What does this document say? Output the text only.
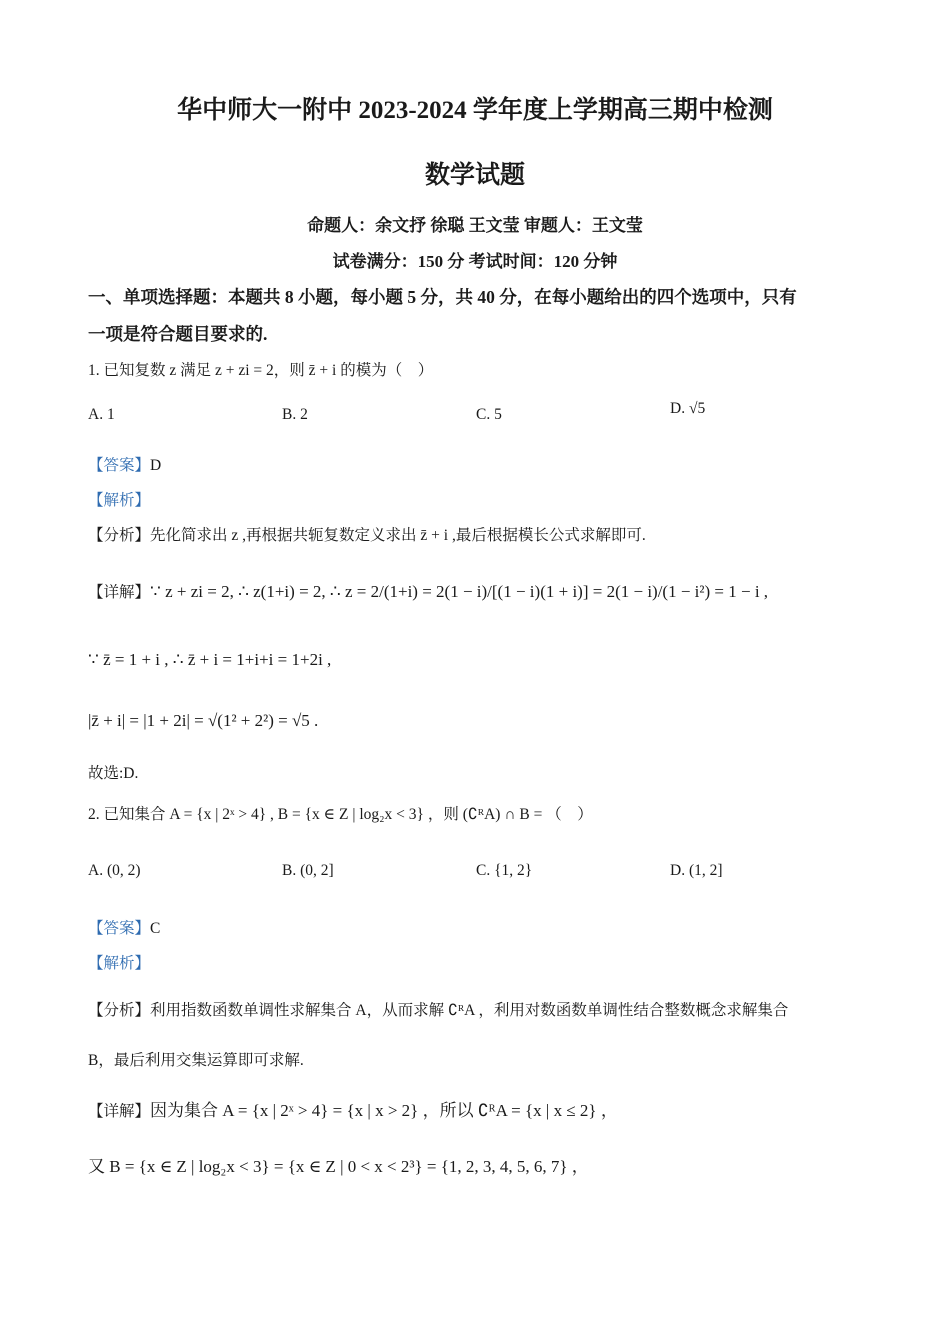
华中师大一附中 2023-2024 学年度上学期高三期中检测
数学试题
命题人：余文抒 徐聪 王文莹 审题人：王文莹
试卷满分：150 分 考试时间：120 分钟
一、单项选择题：本题共 8 小题，每小题 5 分，共 40 分，在每小题给出的四个选项中，只有
一项是符合题目要求的.
1. 已知复数 z 满足 z + zi = 2，则 z̄ + i 的模为（　）
A. 1	B. 2	C. 5	D. √5
【答案】D
【解析】
【分析】先化简求出 z ,再根据共轭复数定义求出 z̄ + i ,最后根据模长公式求解即可.
【详解】∵ z + zi = 2, ∴ z(1+i) = 2, ∴ z = 2/(1+i) = 2(1 − i)/[(1 − i)(1 + i)] = 2(1 − i)/(1 − i²) = 1 − i ,
∵ z̄ = 1 + i , ∴ z̄ + i = 1+i+i = 1+2i ,
|z̄ + i| = |1 + 2i| = √(1² + 2²) = √5 .
故选:D.
2. 已知集合 A = {x | 2ˣ > 4} , B = {x ∈ Z | log₂x < 3} ，则 (∁ᴿA) ∩ B = （　）
A. (0, 2)	B. (0, 2]	C. {1, 2}	D. (1, 2]
【答案】C
【解析】
【分析】利用指数函数单调性求解集合 A，从而求解 ∁ᴿA ，利用对数函数单调性结合整数概念求解集合
B，最后利用交集运算即可求解.
【详解】因为集合 A = {x | 2ˣ > 4} = {x | x > 2} ，所以 ∁ᴿA = {x | x ≤ 2} ，
又 B = {x ∈ Z | log₂x < 3} = {x ∈ Z | 0 < x < 2³} = {1, 2, 3, 4, 5, 6, 7} ，
